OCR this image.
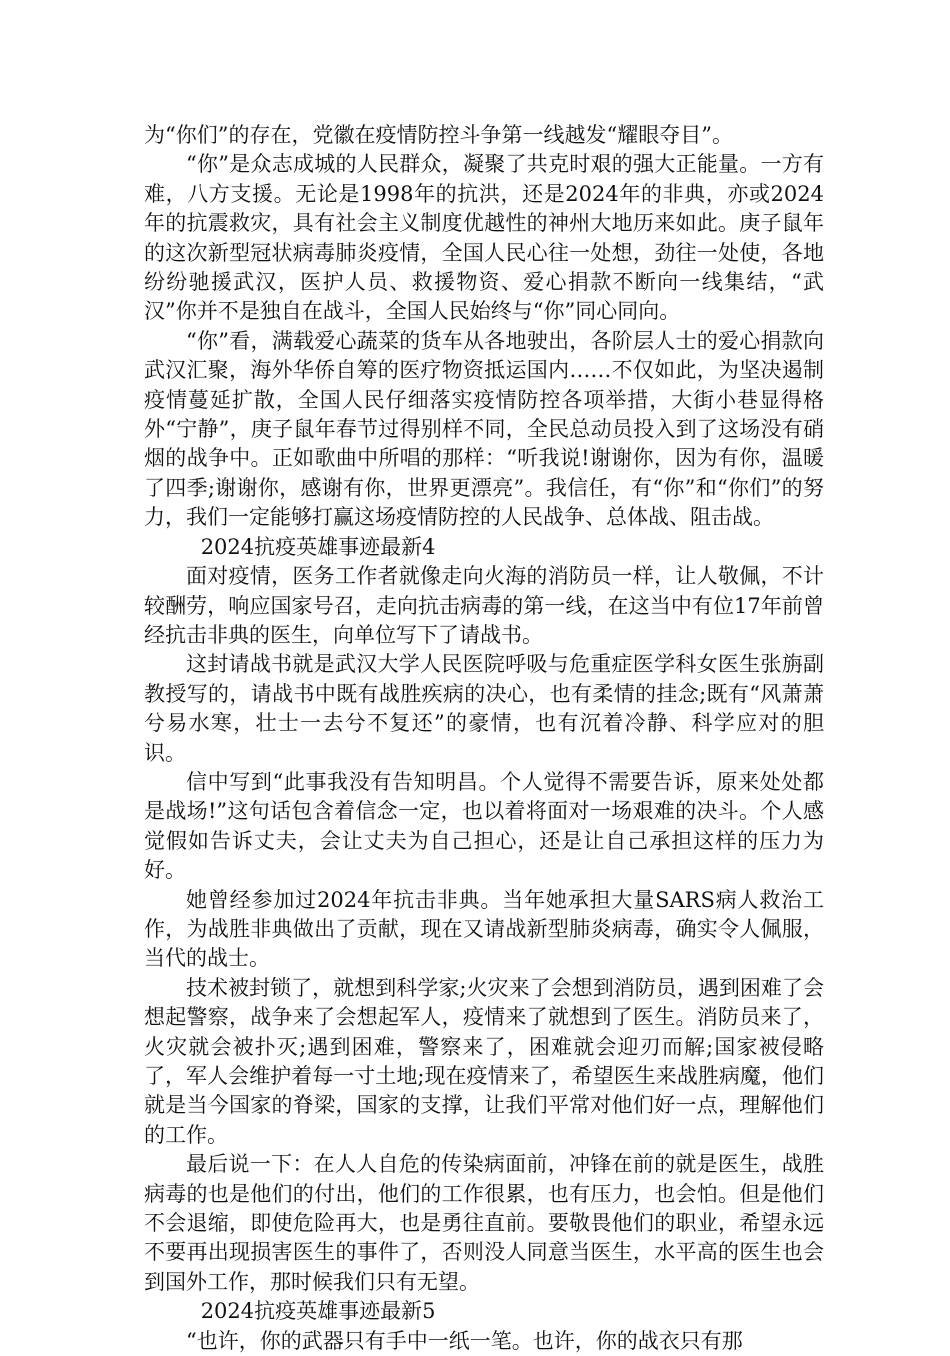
为“你们”的存在，党徽在疫情防控斗争第一线越发“耀眼夺目”。

“你”是众志成城的人民群众，凝聚了共克时艰的强大正能量。一方有难，八方支援。无论是1998年的抗洪，还是2024年的非典，亦或2024年的抗震救灾，具有社会主义制度优越性的神州大地历来如此。庚子鼠年的这次新型冠状病毒肺炎疫情，全国人民心往一处想，劲往一处使，各地纷纷驰援武汉，医护人员、救援物资、爱心捐款不断向一线集结，“武汉”你并不是独自在战斗，全国人民始终与“你”同心同向。

“你”看，满载爱心蔬菜的货车从各地驶出，各阶层人士的爱心捐款向武汉汇聚，海外华侨自筹的医疗物资抵运国内……不仅如此，为坚决遏制疫情蔓延扩散，全国人民仔细落实疫情防控各项举措，大街小巷显得格外“宁静”，庚子鼠年春节过得别样不同，全民总动员投入到了这场没有硝烟的战争中。正如歌曲中所唱的那样：“听我说!谢谢你，因为有你，温暖了四季;谢谢你，感谢有你，世界更漂亮”。我信任，有“你”和“你们”的努力，我们一定能够打赢这场疫情防控的人民战争、总体战、阻击战。

2024抗疫英雄事迹最新4

面对疫情，医务工作者就像走向火海的消防员一样，让人敬佩，不计较酬劳，响应国家号召，走向抗击病毒的第一线，在这当中有位17年前曾经抗击非典的医生，向单位写下了请战书。

这封请战书就是武汉大学人民医院呼吸与危重症医学科女医生张旃副教授写的，请战书中既有战胜疾病的决心，也有柔情的挂念;既有“风萧萧兮易水寒，壮士一去兮不复还”的豪情，也有沉着冷静、科学应对的胆识。

信中写到“此事我没有告知明昌。个人觉得不需要告诉，原来处处都是战场!”这句话包含着信念一定，也以着将面对一场艰难的决斗。个人感觉假如告诉丈夫，会让丈夫为自己担心，还是让自己承担这样的压力为好。

她曾经参加过2024年抗击非典。当年她承担大量SARS病人救治工作，为战胜非典做出了贡献，现在又请战新型肺炎病毒，确实令人佩服，当代的战士。

技术被封锁了，就想到科学家;火灾来了会想到消防员，遇到困难了会想起警察，战争来了会想起军人，疫情来了就想到了医生。消防员来了，火灾就会被扑灭;遇到困难，警察来了，困难就会迎刃而解;国家被侵略了，军人会维护着每一寸土地;现在疫情来了，希望医生来战胜病魔，他们就是当今国家的脊梁，国家的支撑，让我们平常对他们好一点，理解他们的工作。

最后说一下：在人人自危的传染病面前，冲锋在前的就是医生，战胜病毒的也是他们的付出，他们的工作很累，也有压力，也会怕。但是他们不会退缩，即使危险再大，也是勇往直前。要敬畏他们的职业，希望永远不要再出现损害医生的事件了，否则没人同意当医生，水平高的医生也会到国外工作，那时候我们只有无望。

2024抗疫英雄事迹最新5

“也许，你的武器只有手中一纸一笔。也许，你的战衣只有那
